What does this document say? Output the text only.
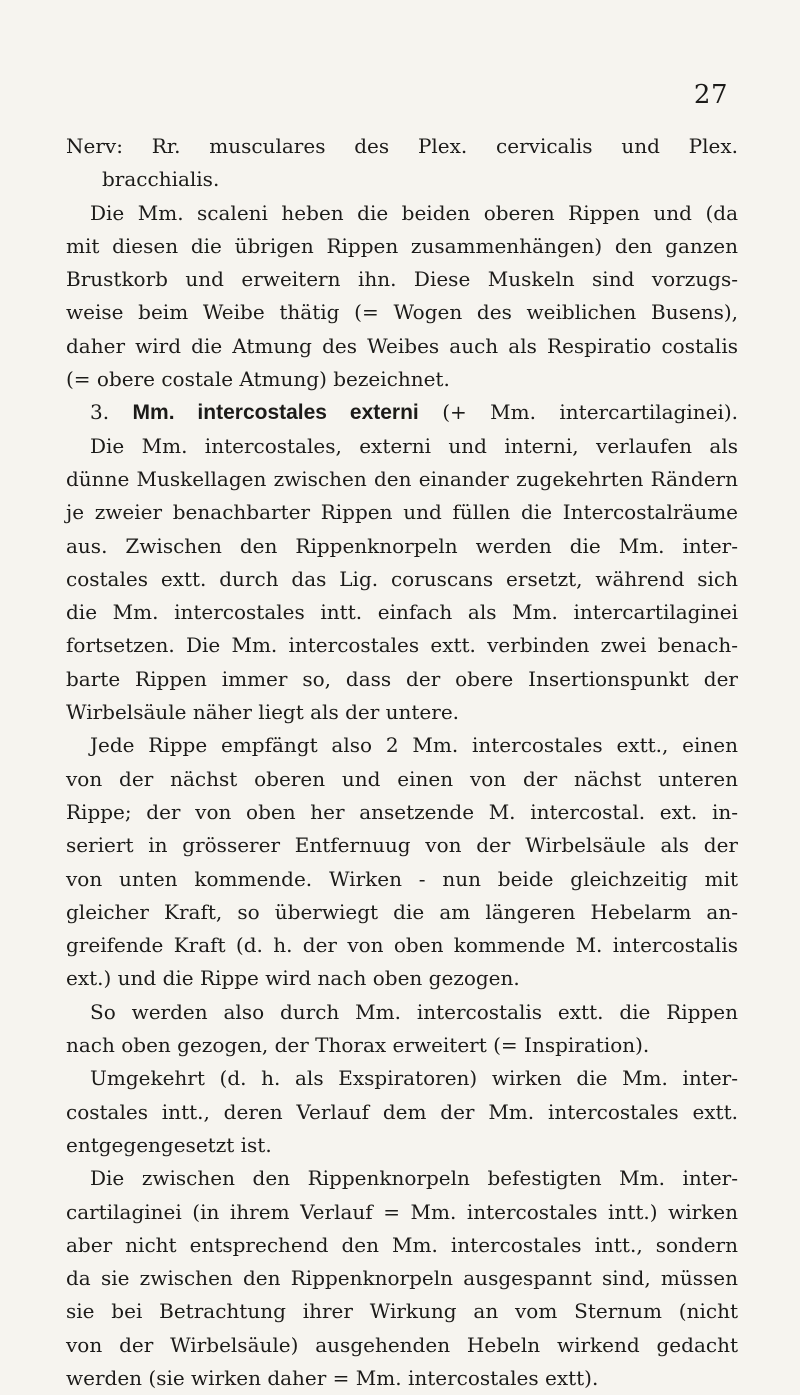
27
Nerv: Rr. musculares des Plex. cervicalis und Plex.
bracchialis.
Die Mm. scaleni heben die beiden oberen Rippen und (da
mit diesen die übrigen Rippen zusammenhängen) den ganzen
Brustkorb und erweitern ihn. Diese Muskeln sind vorzugs-
weise beim Weibe thätig (= Wogen des weiblichen Busens),
daher wird die Atmung des Weibes auch als Respiratio costalis
(= obere costale Atmung) bezeichnet.
3. Mm. intercostales externi (+ Mm. intercartilaginei).
Die Mm. intercostales, externi und interni, verlaufen als
dünne Muskellagen zwischen den einander zugekehrten Rändern
je zweier benachbarter Rippen und füllen die Intercostalräume
aus. Zwischen den Rippenknorpeln werden die Mm. inter-
costales extt. durch das Lig. coruscans ersetzt, während sich
die Mm. intercostales intt. einfach als Mm. intercartilaginei
fortsetzen. Die Mm. intercostales extt. verbinden zwei benach-
barte Rippen immer so, dass der obere Insertionspunkt der
Wirbelsäule näher liegt als der untere.
Jede Rippe empfängt also 2 Mm. intercostales extt., einen
von der nächst oberen und einen von der nächst unteren
Rippe; der von oben her ansetzende M. intercostal. ext. in-
seriert in grösserer Entfernuug von der Wirbelsäule als der
von unten kommende. Wirken - nun beide gleichzeitig mit
gleicher Kraft, so überwiegt die am längeren Hebelarm an-
greifende Kraft (d. h. der von oben kommende M. intercostalis
ext.) und die Rippe wird nach oben gezogen.
So werden also durch Mm. intercostalis extt. die Rippen
nach oben gezogen, der Thorax erweitert (= Inspiration).
Umgekehrt (d. h. als Exspiratoren) wirken die Mm. inter-
costales intt., deren Verlauf dem der Mm. intercostales extt.
entgegengesetzt ist.
Die zwischen den Rippenknorpeln befestigten Mm. inter-
cartilaginei (in ihrem Verlauf = Mm. intercostales intt.) wirken
aber nicht entsprechend den Mm. intercostales intt., sondern
da sie zwischen den Rippenknorpeln ausgespannt sind, müssen
sie bei Betrachtung ihrer Wirkung an vom Sternum (nicht
von der Wirbelsäule) ausgehenden Hebeln wirkend gedacht
werden (sie wirken daher = Mm. intercostales extt).
